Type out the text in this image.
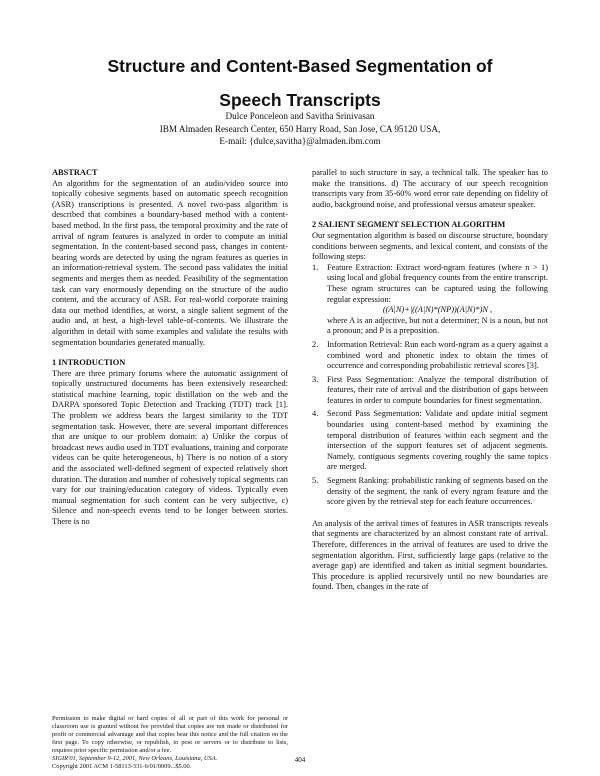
Structure and Content-Based Segmentation of
Speech Transcripts
Dulce Ponceleon and Savitha Srinivasan
IBM Almaden Research Center, 650 Harry Road, San Jose, CA 95120 USA,
E-mail: {dulce,savitha}@almaden.ibm.com

ABSTRACT

An algorithm for the segmentation of an audio/video source into topically cohesive segments based on automatic speech recognition (ASR) transcriptions is presented. A novel two-pass algorithm is described that combines a boundary-based method with a content-based method. In the first pass, the temporal proximity and the rate of arrival of ngram features is analyzed in order to compute an initial segmentation. In the content-based second pass, changes in content-bearing words are detected by using the ngram features as queries in an information-retrieval system. The second pass validates the initial segments and merges them as needed. Feasibility of the segmentation task can vary enormously depending on the structure of the audio content, and the accuracy of ASR. For real-world corporate training data our method identifies, at worst, a single salient segment of the audio and, at best, a high-level table-of-contents. We illustrate the algorithm in detail with some examples and validate the results with segmentation boundaries generated manually.

1 INTRODUCTION

There are three primary forums where the automatic assignment of topically unstructured documents has been extensively researched: statistical machine learning, topic distillation on the web and the DARPA sponsored Topic Detection and Tracking (TDT) track [1]. The problem we address bears the largest similarity to the TDT segmentation task. However, there are several important differences that are unique to our problem domain: a) Unlike the corpus of broadcast news audio used in TDT evaluations, training and corporate videos can be quite heterogeneous, b) There is no notion of a story and the associated well-defined segment of expected relatively short duration. The duration and number of cohesively topical segments can vary for our training/education category of videos. Typically even manual segmentation for such content can be very subjective, c) Silence and non-speech events tend to be longer between stories. There is no

Permission to make digital or hard copies of all or part of this work for personal or classroom use is granted without fee provided that copies are not made or distributed for profit or commercial advantage and that copies bear this notice and the full citation on the first page. To copy otherwise, or republish, to post or servers or to distribute to lists, requires prior specific permission and/or a fee.

SIGIR'01, September 9-12, 2001, New Orleans, Louisiana, USA.

Copyright 2001 ACM 1-58113-331-6/01/0009...$5.00.

parallel to such structure in say, a technical talk. The speaker has to make the transitions. d) The accuracy of our speech recognition transcripts vary from 35-60% word error rate depending on fidelity of audio, background noise, and professional versus amateur speaker.

2 SALIENT SEGMENT SELECTION ALGORITHM

Our segmentation algorithm is based on discourse structure, boundary conditions between segments, and lexical content, and consists of the following steps:

1. Feature Extraction: Extract word-ngram features (where n > 1) using local and global frequency counts from the entire transcript. These ngram structures can be captured using the following regular expression:
((A|N)+|((A|N)*(NP))(A|N)*)N ,
where A is an adjective, but not a determiner; N is a noun, but not a pronoun; and P is a preposition.
2. Information Retrieval: Run each word-ngram as a query against a combined word and phonetic index to obtain the times of occurrence and corresponding probabilistic retrieval scores [3].
3. First Pass Segmentation: Analyze the temporal distribution of features, their rate of arrival and the distribution of gaps between features in order to compute boundaries for finest segmentation.
4. Second Pass Segmentation: Validate and update initial segment boundaries using content-based method by examining the temporal distribution of features within each segment and the intersection of the support features set of adjacent segments. Namely, contiguous segments covering roughly the same topics are merged.
5. Segment Ranking: probabilistic ranking of segments based on the density of the segment, the rank of every ngram feature and the score given by the retrieval step for each feature occurrences.

An analysis of the arrival times of features in ASR transcripts reveals that segments are characterized by an almost constant rate of arrival. Therefore, differences in the arrival of features are used to drive the segmentation algorithm. First, sufficiently large gaps (relative to the average gap) are identified and taken as initial segment boundaries. This procedure is applied recursively until no new boundaries are found. Then, changes in the rate of

404
